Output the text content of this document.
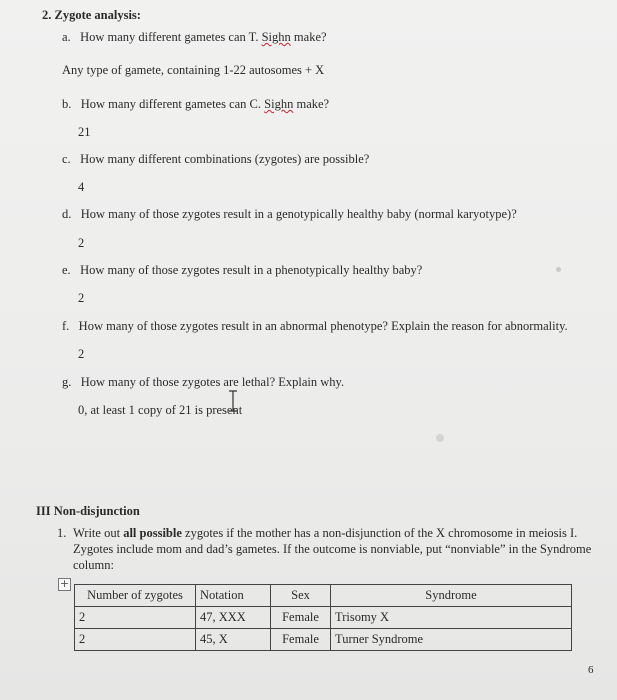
2. Zygote analysis:
a. How many different gametes can T. Sighn make?
Any type of gamete, containing 1-22 autosomes + X
b. How many different gametes can C. Sighn make?
21
c. How many different combinations (zygotes) are possible?
4
d. How many of those zygotes result in a genotypically healthy baby (normal karyotype)?
2
e. How many of those zygotes result in a phenotypically healthy baby?
2
f. How many of those zygotes result in an abnormal phenotype? Explain the reason for abnormality.
2
g. How many of those zygotes are lethal? Explain why.
0, at least 1 copy of 21 is present
III Non-disjunction
1. Write out all possible zygotes if the mother has a non-disjunction of the X chromosome in meiosis I.
Zygotes include mom and dad’s gametes. If the outcome is nonviable, put “nonviable” in the Syndrome
column:
+
Number of zygotes	Notation	Sex	Syndrome
2	47, XXX	Female	Trisomy X
2	45, X	Female	Turner Syndrome
6
